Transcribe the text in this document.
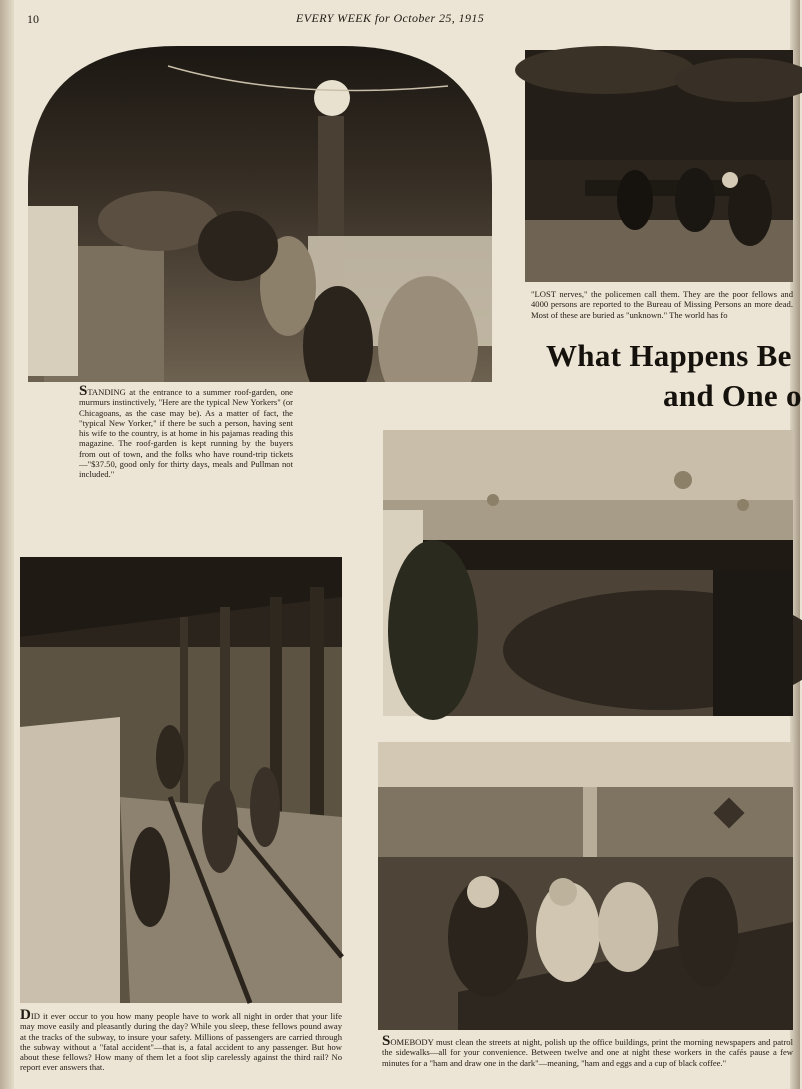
10	EVERY WEEK for October 25, 1915

"LOST nerves," the policemen call them. They are the poor fellows and 4000 persons are reported to the Bureau of Missing Persons an more dead. Most of these are buried as "unknown." The world has fo

What Happens Be
and One o

STANDING at the entrance to a summer roof-garden, one murmurs instinctively, "Here are the typical New Yorkers" (or Chicagoans, as the case may be). As a matter of fact, the "typical New Yorker," if there be such a person, having sent his wife to the country, is at home in his pajamas reading this magazine. The roof-garden is kept running by the buyers from out of town, and the folks who have round-trip tickets—"$37.50, good only for thirty days, meals and Pullman not included."

DID it ever occur to you how many people have to work all night in order that your life may move easily and pleasantly during the day? While you sleep, these fellows pound away at the tracks of the subway, to insure your safety. Millions of passengers are carried through the subway without a "fatal accident"—that is, a fatal accident to any passenger. But how about these fellows? How many of them let a foot slip carelessly against the third rail? No report ever answers that.

SOMEBODY must clean the streets at night, polish up the office buildings, print the morning newspapers and patrol the sidewalks—all for your convenience. Between twelve and one at night these workers in the cafés pause a few minutes for a "ham and draw one in the dark"—meaning, "ham and eggs and a cup of black coffee."
